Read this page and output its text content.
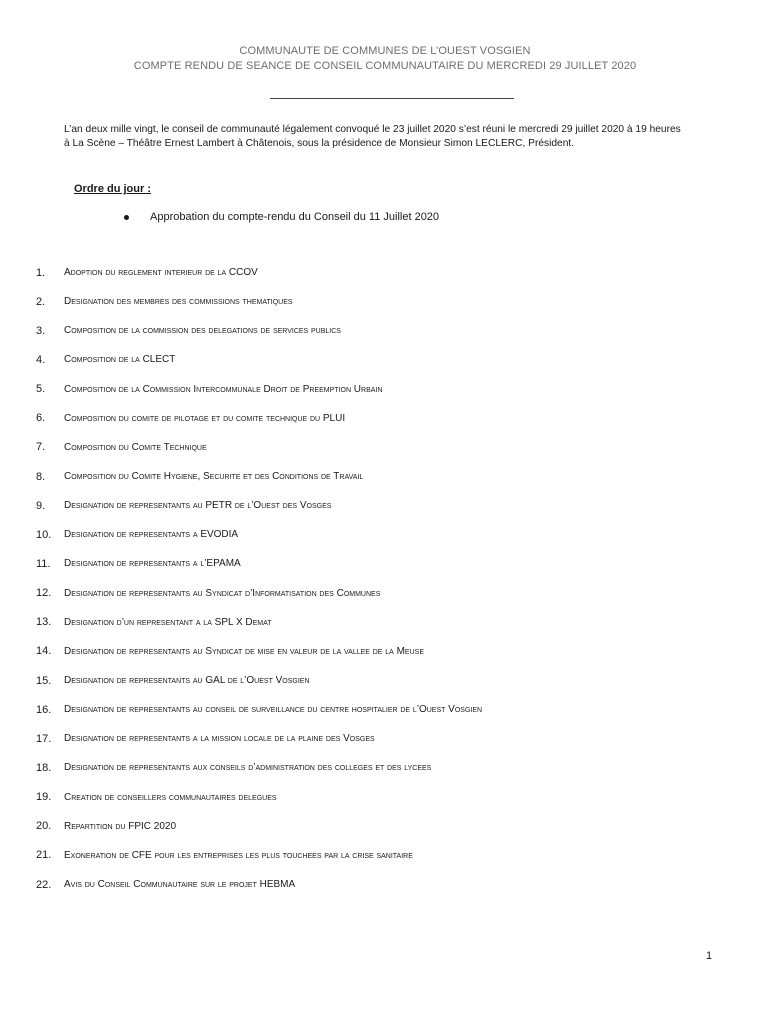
COMMUNAUTE DE COMMUNES DE L’OUEST VOSGIEN
COMPTE RENDU DE SEANCE DE CONSEIL COMMUNAUTAIRE DU MERCREDI 29 JUILLET 2020
L’an deux mille vingt, le conseil de communauté légalement convoqué le 23 juillet 2020 s’est réuni le mercredi 29 juillet 2020 à 19 heures
à La Scène – Théâtre Ernest Lambert à Châtenois, sous la présidence de Monsieur Simon LECLERC, Président.
Ordre du jour :
Approbation du compte-rendu du Conseil du 11 Juillet 2020
1.	Adoption du reglement interieur de la CCOV
2.	Designation des membres des commissions thematiques
3.	Composition de la commission des delegations de services publics
4.	Composition de la CLECT
5.	Composition de la Commission Intercommunale Droit de Preemption Urbain
6.	Composition du comite de pilotage et du comite technique du PLUI
7.	Composition du Comite Technique
8.	Composition du Comite Hygiene, Securite et des Conditions de Travail
9.	Designation de representants au PETR de l’Ouest des Vosges
10.	Designation de representants a EVODIA
11.	Designation de representants a l’EPAMA
12.	Designation de representants au Syndicat d’Informatisation des Communes
13.	Designation d’un representant a la SPL X Demat
14.	Designation de representants au Syndicat de mise en valeur de la vallee de la Meuse
15.	Designation de representants au GAL de l’Ouest Vosgien
16.	Designation de representants au conseil de surveillance du centre hospitalier de l’Ouest Vosgien
17.	Designation de representants a la mission locale de la plaine des Vosges
18.	Designation de representants aux conseils d’administration des colleges et des lycees
19.	Creation de conseillers communautaires delegues
20.	Repartition du FPIC 2020
21.	Exoneration de CFE pour les entreprises les plus touchees par la crise sanitaire
22.	Avis du Conseil Communautaire sur le projet HEBMA
1
